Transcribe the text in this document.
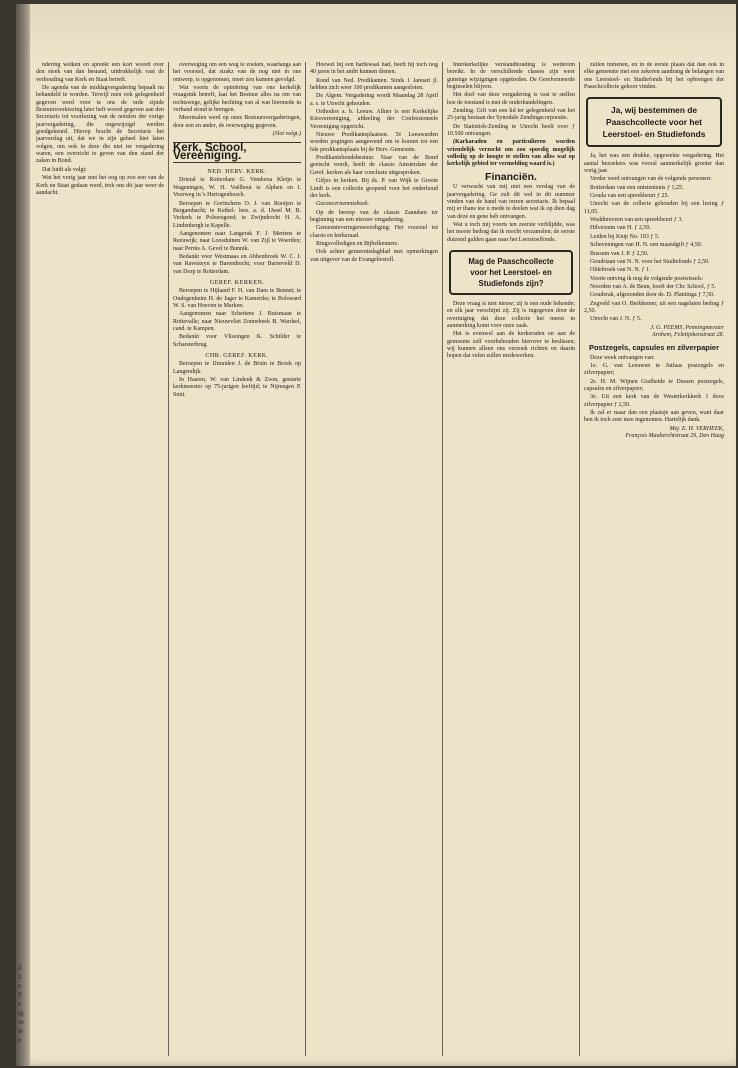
2
1
z
9
e
ig
se
ie
e

ndering welken en spreekt een kort woord over den steek van dan bestand, uitdrukkelijk vast de verhouding van Kerk en Staat betreft.

De agenda van de middagvergadering bepaalt nu behandeld te worden. Terwijl men ook gelegenheid gegeven werd voor te ons de orde zijnde Bestuursverkiezing later heft woord gegeven aan den Secretaris tot voorlezing van de notulen der vorige jaarvergadering, die ongewijzigd werden goedgekeurd. Hierop bracht de Secretaris het jaarverslag uit, dat we in zijn geheel hier laten volgen, om ook in deze die niet ter vergadering waren, een overzicht te geven van den stand der zaken in Bond.

Dat luidt als volgt:

Wat het vorig jaar met het oog op zoo een van de Kerk en Staat gedaan werd, trok ons dit jaar weer de aandacht.

overweging om een weg te zoeken, waarlangs aan het voorstel, dat strakz van de nog niet in ons ontwerp, is opgenomen, meer zou kunnen gevolgd.

Wat voorts de opiniëring van ons kerkelijk vraagstuk betreft, laat het Bestuur alles na om van rechtswege, gelijke hechting van al wat hiermede in verband stond te brengen.

Meermalen werd op onze Bestuursvergaderingen, door een en ander, de overweging gegeven.

(Slot volgt.)
Kerk, School, Vereeniging.
NED. HERV. KERK.

Drietal te Rotterdam G. Vendorsa Kleijn te Wageningen, W. H. Vaëlhout te Alphen en I. Voorweg in 's Hertogenbosch.

Beroepen te Gorinchem O. J. van Rooijen te Bergambacht; te Kethel- lees. a. d. IJssel M. B. Verkerk te Poleersgoed; te Zwijndrecht H. A. Lindenbergh te Kapelle.

Aangenomen naar Langerak F. J. Mertens te Reeuwijk; naar Loosduinen W. van Zijl te Woerden; naar Pernis A. Gevel te Bunnik.

Bedankt voor Westmaas en Abbenbroek W. C. J. van Ravesteyn te Barendrecht; voor Barneveld D. van Dorp te Rotterdam.

GEREF. KERKEN.

Beroepen te Hijlaard F. H. van Dam te Bennet; te Oudegenheim H. de Jager te Kameriks; te Bolsward W. S. van Hoeven te Marken.

Aangenomen naar Schettens J. Buismaan te Rottevalle; naar Nieuwvliet Zonnebeek B. Wardsel, cand. te Kampen.

Bedankt voor Vlissingen K. Schilder te Scharsterbrug.

CHR. GEREF. KERK.

Beroepen te IJmuiden J. de Bruin te Broek op Langendijk.

In Haaren, W. van Lindenk & Zoon, gestarte kerkmeester op 75-jarigen leeftijd; te Nijmegen P. Smit.

Hoewel hij een hartkwaal had, heeft hij toch nog 40 jaren in het ambt kunnen dienen.

Rond van Ned. Predikanten. Sinds 1 Januari jl. hebben zich weer 100 predikanten aangesloten.

De Algem. Vergadering wordt Maandag 28 April a. s. te Utrecht gehouden.

Orthodox a. b. Leeuw. Alhier is een Kerkelijke Kiesvereeniging, afdeeling der Confessioneele Vereeniging opgericht.

Nieuwe Predikantsplaatsen. Te Leeuwarden worden pogingen aangewend om te komen tot een 6de predikantsplaats bij de Herv. Gemeente.

Predikantsbondsbestuur. Naar van de Bond geeischt wordt, heeft de classis Amsterdam der Geref. kerken als haar conclusie uitgesproken.

Gifjes in kerken. Bij ds. P. van Wijk te Groote Lindt is een collectie geopend voor het onderhoud der kerk.

Geconcernemntsboek.

Op de beroep van de classis Zaandam ter beginning van een nieuwe vergadering.

Gemeentevertegenwoordiging: Het voorstel tot classis en kerkeraad.

Ringsvolledigen en Bijbelkenners.

Ook achter gemeentedagblad met opmerkingen van uitgever van de Evangeliestofl.

Interkerkelijke verstandhouding is wederom bereikt. In de verschillende classes zijn weer gunstige wijzigingen opgetreden. De Gereformeerde beginselen blijven.

Het doel van deze vergadering is vast te stellen hoe de toestand is met de onderhandelingen.

Zending. Gift van een lid ter gelegenheid van het 25-jarig bestaan der Synodale Zendingscorporatie.

De Statistiek-Zending te Utrecht heeft over ƒ 10.500 ontvangen.

(Karkaraden en particulieren worden vriendelijk verzocht om zoo spoedig mogelijk volledig op de hoogte te stellen van alles wat op kerkelijk gebied ter vermelding waard is.)

Financiën.

U verwacht van mij niet een verslag van de jaarvergadering. Ge zult dit wel in dit nummer vinden van de hand van onzen secretaris. Ik bepaal mij er thans toe u mede te deelen wat ik op dien dag van deze en gene heb ontvangen.

Wat u toch mij voorts ten zeerste verblijdde, was het mooie bedrag dat ik mocht verzamelen; de eerste duizend gulden gaan naar het Leerstoelfonds.

Mag de Paaschcollecte
voor het Leerstoel- en
Studiefonds zijn?

Deze vraag is niet nieuw; zij is een oude bekende; en elk jaar verschijnt zij. Zij is ingegeven door de overtuiging dat deze collecte het meest in aanmerking komt voor onze zaak.

Het is evenwel aan de kerkeraden en aan de gemeente zelf voorbehouden hierover te beslissen; wij kunnen alleen ons verzoek richten en daarin hopen dat velen zullen medewerken.

zullen inmenen, en in de eerste plaats dat dan ook in elke gemeente met een zekeren aandrang de belangen van ons Leerstoel- en Studiefonds bij het opbrengen der Paaschcollecte gehoor vinden.

Ja, wij bestemmen de
Paaschcollecte voor het
Leerstoel- en Studiefonds

Ja, het was een drukke, opgewekte vergadering. Het aantal bezoekers was vooral aanmerkelijk grooter dan vorig jaar.

Verder werd ontvangen van de volgende personen:

Rotterdam van een ontstentenis ƒ 1,25.

Gouda van een spreekbeurt ƒ 25.

Utrecht van de collecte gehouden bij een lezing ƒ 11,05.

Waddinxveen van een spreekbeurt ƒ 3.

Hilversum van H. ƒ 2,50.

Leiden bij Knip No. 193 ƒ 5.

Scheveningen van H. N. een maandgift ƒ 4,50.

Bussum van J. P. ƒ 2,50.

Goudriaan van N. N. voor het Studiefonds ƒ 2,50.

Oldebroek van N. N. ƒ 1.

Voorts ontving ik nog de volgende postwissels:

Noorden van A. de Beun, boeft der Chr. School, ƒ 5.

Gouderak, afgezonden door ds. D. Plantinga ƒ 7,50.

Zegveld van O. Berkhemer, uit een nagelaten bedrag ƒ 2,50.

Utrecht van J. N. ƒ 5.

J. G. PEEMS, Penningmeester
Arnhem, Feletijnkenstraat 28.
Postzegels, capsules en zilverpapier

Deze week ontvangen van:

1e. G. van Leeuwen te Jutfaas postzegels en zilverpapier;

2e. H. M. Wijnen Grafheide te Dussen postzegels, capsules en zilverpapier;

3e. Uit een kerk van de Westerkerkkerk 1 doos zilverpapier ƒ 2,50.

Ik zal er maar dan een plaatsje aan geven, want daar ben ik toch zeer mee ingenomen. Hartelijk dank.

Mej. E. H. VERHEEK,
François Mauberchtstraat 29, Den Haag
